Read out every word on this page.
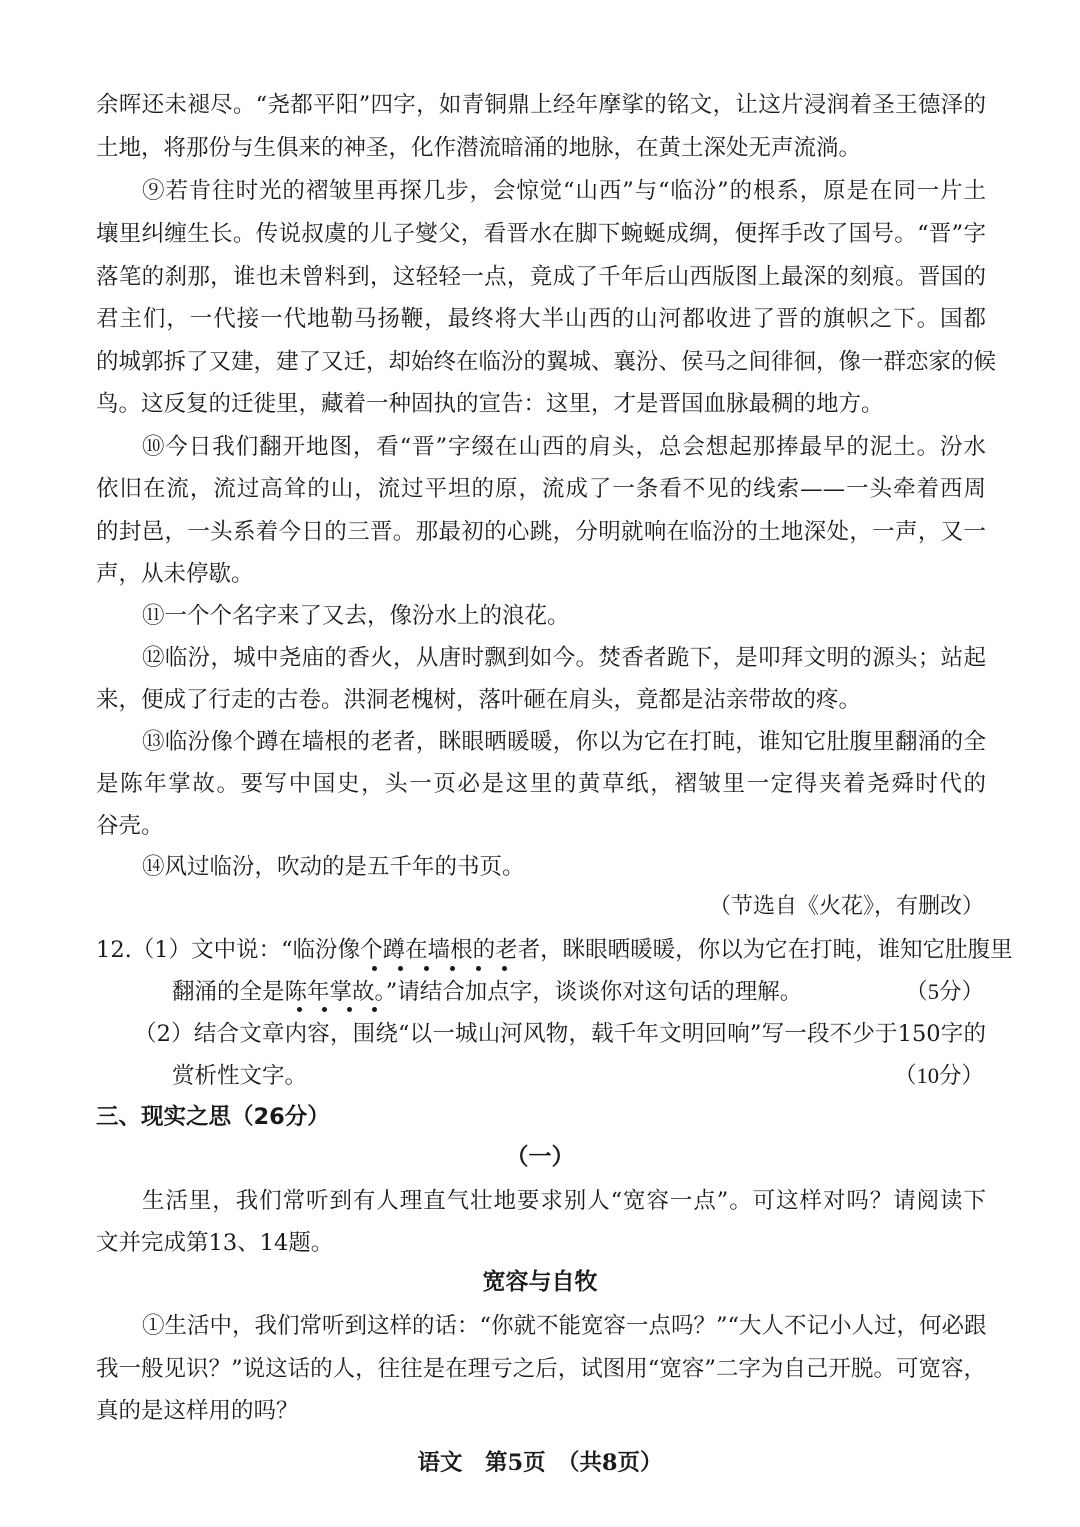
余晖还未褪尽。“尧都平阳”四字，如青铜鼎上经年摩挲的铭文，让这片浸润着圣王德泽的
土地，将那份与生俱来的神圣，化作潜流暗涌的地脉，在黄土深处无声流淌。
⑨若肯往时光的褶皱里再探几步，会惊觉“山西”与“临汾”的根系，原是在同一片土
壤里纠缠生长。传说叔虞的儿子燮父，看晋水在脚下蜿蜒成绸，便挥手改了国号。“晋”字
落笔的刹那，谁也未曾料到，这轻轻一点，竟成了千年后山西版图上最深的刻痕。晋国的
君主们，一代接一代地勒马扬鞭，最终将大半山西的山河都收进了晋的旗帜之下。国都
的城郭拆了又建，建了又迁，却始终在临汾的翼城、襄汾、侯马之间徘徊，像一群恋家的候
鸟。这反复的迁徙里，藏着一种固执的宣告：这里，才是晋国血脉最稠的地方。
⑩今日我们翻开地图，看“晋”字缀在山西的肩头，总会想起那捧最早的泥土。汾水
依旧在流，流过高耸的山，流过平坦的原，流成了一条看不见的线索——一头牵着西周
的封邑，一头系着今日的三晋。那最初的心跳，分明就响在临汾的土地深处，一声，又一
声，从未停歇。
⑪一个个名字来了又去，像汾水上的浪花。
⑫临汾，城中尧庙的香火，从唐时飘到如今。焚香者跪下，是叩拜文明的源头；站起
来，便成了行走的古卷。洪洞老槐树，落叶砸在肩头，竟都是沾亲带故的疼。
⑬临汾像个蹲在墙根的老者，眯眼晒暖暖，你以为它在打盹，谁知它肚腹里翻涌的全
是陈年掌故。要写中国史，头一页必是这里的黄草纸，褶皱里一定得夹着尧舜时代的
谷壳。
⑭风过临汾，吹动的是五千年的书页。
（节选自《火花》，有删改）
12.（1）文中说：“临汾像个蹲在墙根的老者，眯眼晒暖暖，你以为它在打盹，谁知它肚腹里
翻涌的全是陈年掌故。”请结合加点字，谈谈你对这句话的理解。	（5分）
（2）结合文章内容，围绕“以一城山河风物，载千年文明回响”写一段不少于150字的
赏析性文字。	（10分）
三、现实之思（26分）
（一）
生活里，我们常听到有人理直气壮地要求别人“宽容一点”。可这样对吗？请阅读下
文并完成第13、14题。
宽容与自牧
①生活中，我们常听到这样的话：“你就不能宽容一点吗？”“大人不记小人过，何必跟
我一般见识？”说这话的人，往往是在理亏之后，试图用“宽容”二字为自己开脱。可宽容，
真的是这样用的吗？
语文　第5页　（共8页）
